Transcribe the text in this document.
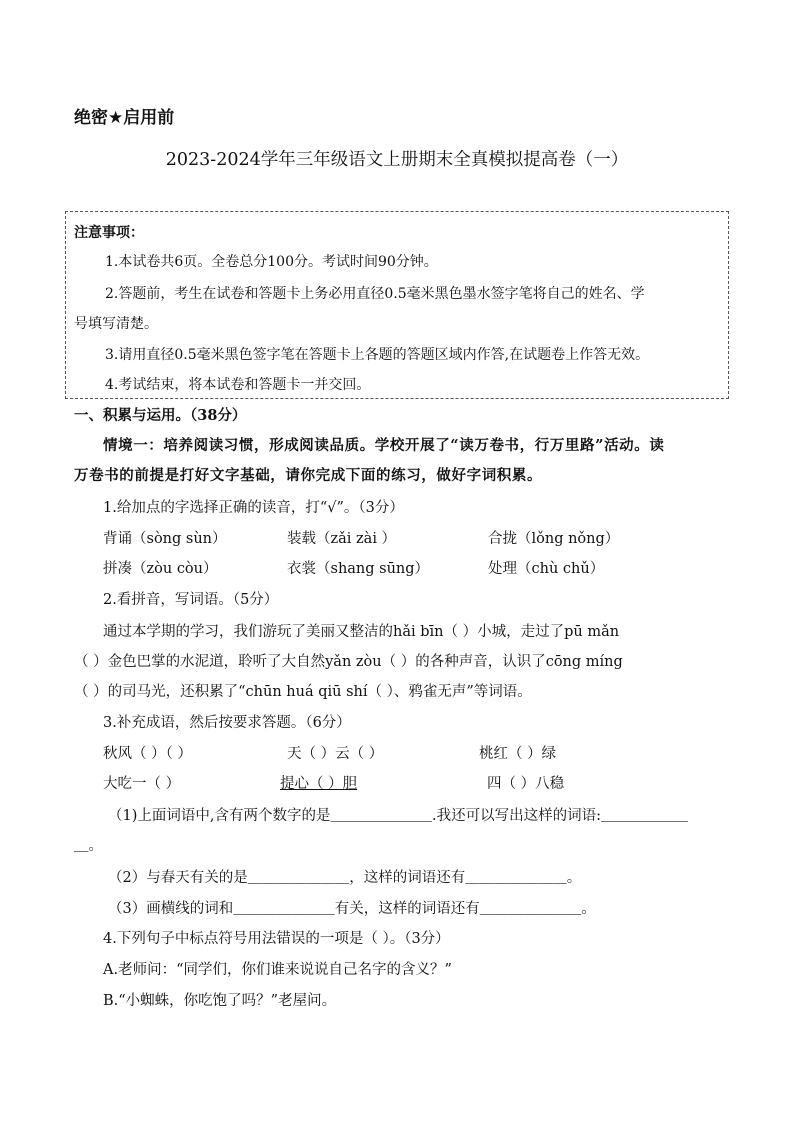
绝密★启用前
2023-2024学年三年级语文上册期末全真模拟提高卷（一）
注意事项：
1.本试卷共6页。全卷总分100分。考试时间90分钟。
2.答题前，考生在试卷和答题卡上务必用直径0.5毫米黑色墨水签字笔将自己的姓名、学
号填写清楚。
3.请用直径0.5毫米黑色签字笔在答题卡上各题的答题区域内作答,在试题卷上作答无效。
4.考试结束，将本试卷和答题卡一并交回。
一、积累与运用。（38分）
情境一：培养阅读习惯，形成阅读品质。学校开展了“读万卷书，行万里路”活动。读
万卷书的前提是打好文字基础，请你完成下面的练习，做好字词积累。
1.给加点的字选择正确的读音，打“√”。（3分）
背诵（sòng sùn）	装载（zǎi zài ）	合拢（lǒng nǒng）
拼凑（zòu còu）	衣裳（shang sūng）	处理（chù chǔ）
2.看拼音，写词语。（5分）
通过本学期的学习，我们游玩了美丽又整洁的hǎi bīn（ ）小城，走过了pū mǎn
（ ）金色巴掌的水泥道，聆听了大自然yǎn zòu（ ）的各种声音，认识了cōng míng
（ ）的司马光，还积累了“chūn huá qiū shí（ ）、鸦雀无声”等词语。
3.补充成语，然后按要求答题。（6分）
秋风（ ）（ ）	天（ ）云（ ）	桃红（ ）绿
大吃一（ ）	提心（ ）胆	四（ ）八稳
（1)上面词语中,含有两个数字的是＿＿＿＿＿＿＿.我还可以写出这样的词语:＿＿＿＿＿＿
＿。
（2）与春天有关的是＿＿＿＿＿＿＿，这样的词语还有＿＿＿＿＿＿＿。
（3）画横线的词和＿＿＿＿＿＿＿有关，这样的词语还有＿＿＿＿＿＿＿。
4.下列句子中标点符号用法错误的一项是（ ）。（3分）
A.老师问：“同学们，你们谁来说说自己名字的含义？”
B.“小蜘蛛，你吃饱了吗？”老屋问。
